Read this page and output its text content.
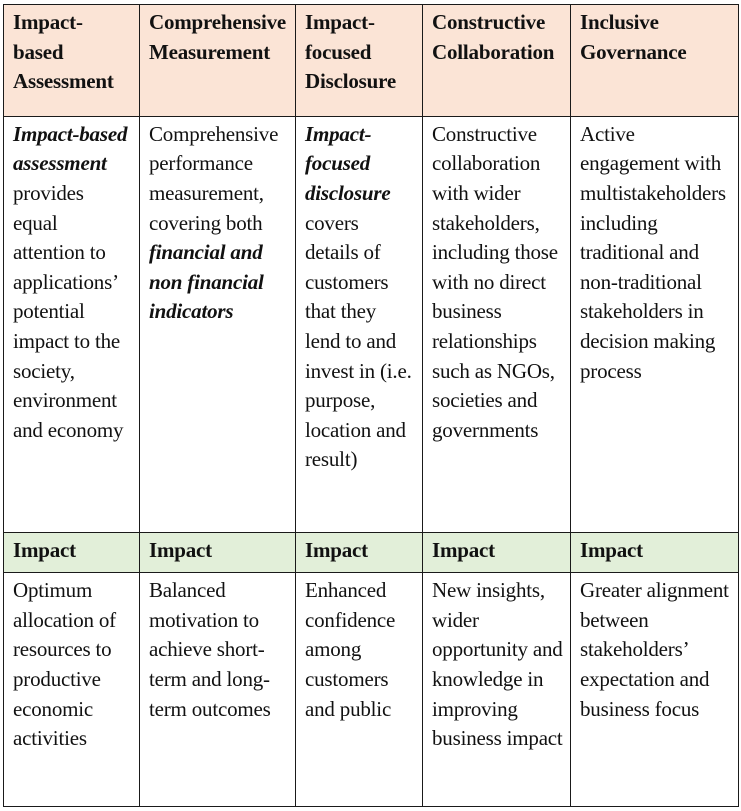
Impact-based Assessment	Comprehensive Measurement	Impact-focused Disclosure	Constructive Collaboration	Inclusive Governance
Impact-based assessment provides equal attention to applications’ potential impact to the society, environment and economy	Comprehensive performance measurement, covering both financial and non financial indicators	Impact-focused disclosure covers details of customers that they lend to and invest in (i.e. purpose, location and result)	Constructive collaboration with wider stakeholders, including those with no direct business relationships such as NGOs, societies and governments	Active engagement with multistakeholders including traditional and non-traditional stakeholders in decision making process
Impact	Impact	Impact	Impact	Impact
Optimum allocation of resources to productive economic activities	Balanced motivation to achieve short-term and long-term outcomes	Enhanced confidence among customers and public	New insights, wider opportunity and knowledge in improving business impact	Greater alignment between stakeholders’ expectation and business focus
